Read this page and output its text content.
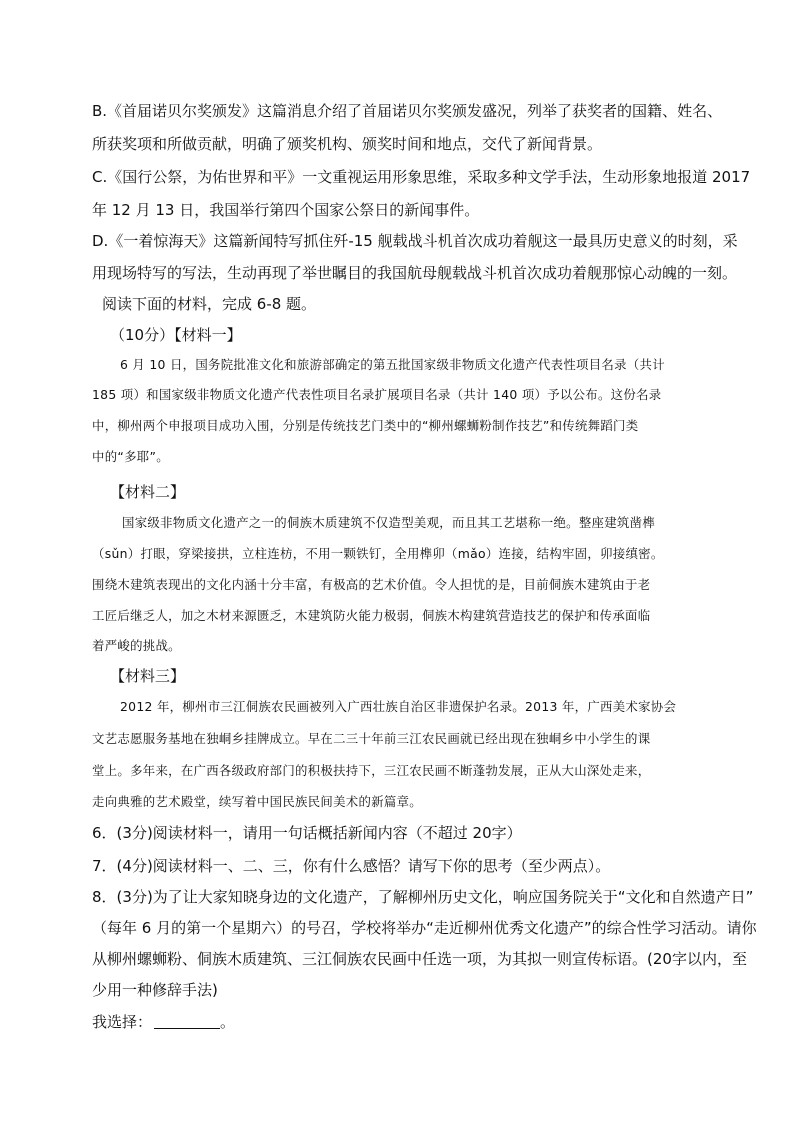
B.《首届诺贝尔奖颁发》这篇消息介绍了首届诺贝尔奖颁发盛况，列举了获奖者的国籍、姓名、
所获奖项和所做贡献，明确了颁奖机构、颁奖时间和地点，交代了新闻背景。
C.《国行公祭，为佑世界和平》一文重视运用形象思维，采取多种文学手法，生动形象地报道 2017
年 12 月 13 日，我国举行第四个国家公祭日的新闻事件。
D.《一着惊海天》这篇新闻特写抓住歼-15 舰载战斗机首次成功着舰这一最具历史意义的时刻，采
用现场特写的写法，生动再现了举世瞩目的我国航母舰载战斗机首次成功着舰那惊心动魄的一刻。
阅读下面的材料，完成 6-8 题。
（10分）【材料一】
6 月 10 日，国务院批准文化和旅游部确定的第五批国家级非物质文化遗产代表性项目名录（共计
185 项）和国家级非物质文化遗产代表性项目名录扩展项目名录（共计 140 项）予以公布。这份名录
中，柳州两个申报项目成功入围，分别是传统技艺门类中的“柳州螺蛳粉制作技艺”和传统舞蹈门类
中的“多耶”。
【材料二】
国家级非物质文化遗产之一的侗族木质建筑不仅造型美观，而且其工艺堪称一绝。整座建筑凿榫
（sǔn）打眼，穿梁接拱，立柱连枋，不用一颗铁钉，全用榫卯（mǎo）连接，结构牢固，卯接缜密。
围绕木建筑表现出的文化内涵十分丰富，有极高的艺术价值。令人担忧的是，目前侗族木建筑由于老
工匠后继乏人，加之木材来源匮乏，木建筑防火能力极弱，侗族木构建筑营造技艺的保护和传承面临
着严峻的挑战。
【材料三】
2012 年，柳州市三江侗族农民画被列入广西壮族自治区非遗保护名录。2013 年，广西美术家协会
文艺志愿服务基地在独峒乡挂牌成立。早在二三十年前三江农民画就已经出现在独峒乡中小学生的课
堂上。多年来，在广西各级政府部门的积极扶持下，三江农民画不断蓬勃发展，正从大山深处走来，
走向典雅的艺术殿堂，续写着中国民族民间美术的新篇章。
6．(3分)阅读材料一，请用一句话概括新闻内容（不超过 20字）
7．(4分)阅读材料一、二、三，你有什么感悟？请写下你的思考（至少两点）。
8．(3分)为了让大家知晓身边的文化遗产，了解柳州历史文化，响应国务院关于“文化和自然遗产日”
（每年 6 月的第一个星期六）的号召，学校将举办“走近柳州优秀文化遗产”的综合性学习活动。请你
从柳州螺蛳粉、侗族木质建筑、三江侗族农民画中任选一项，为其拟一则宣传标语。(20字以内，至
少用一种修辞手法)
我选择：	。
